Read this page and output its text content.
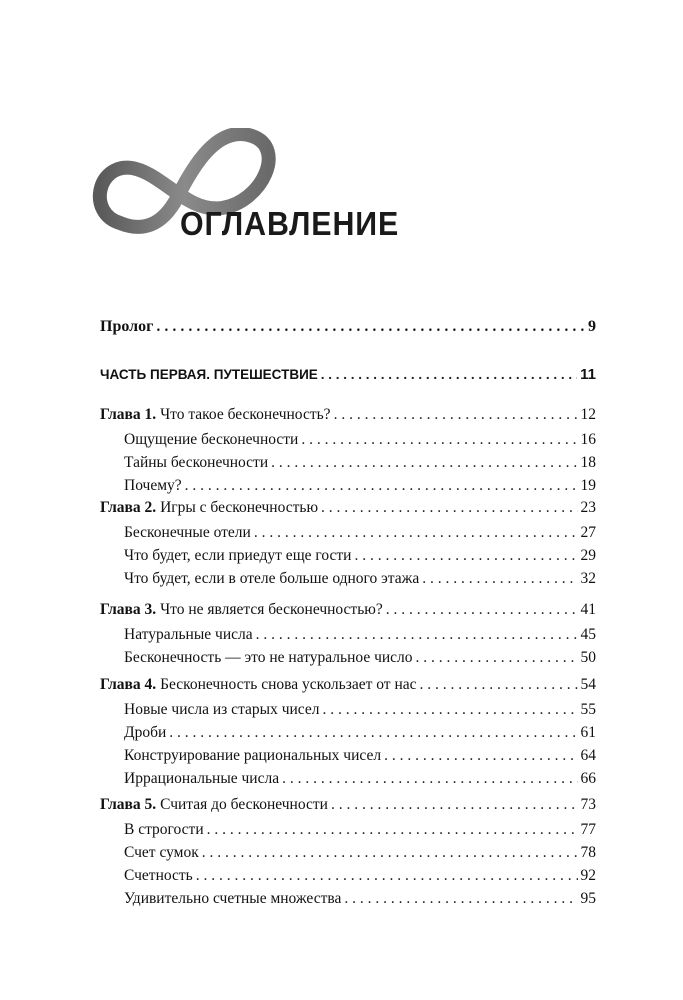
ОГЛАВЛЕНИЕ
Пролог . . .	9
ЧАСТЬ ПЕРВАЯ. ПУТЕШЕСТВИЕ . . .	11
Глава 1. Что такое бесконечность? . . .	12
Ощущение бесконечности . . .	16
Тайны бесконечности . . .	18
Почему? . . .	19
Глава 2. Игры с бесконечностью . . .	23
Бесконечные отели . . .	27
Что будет, если приедут еще гости . . .	29
Что будет, если в отеле больше одного этажа . . .	32
Глава 3. Что не является бесконечностью? . . .	41
Натуральные числа . . .	45
Бесконечность — это не натуральное число . . .	50
Глава 4. Бесконечность снова ускользает от нас . . .	54
Новые числа из старых чисел . . .	55
Дроби . . .	61
Конструирование рациональных чисел . . .	64
Иррациональные числа . . .	66
Глава 5. Считая до бесконечности . . .	73
В строгости . . .	77
Счет сумок . . .	78
Счетность . . .	92
Удивительно счетные множества . . .	95
